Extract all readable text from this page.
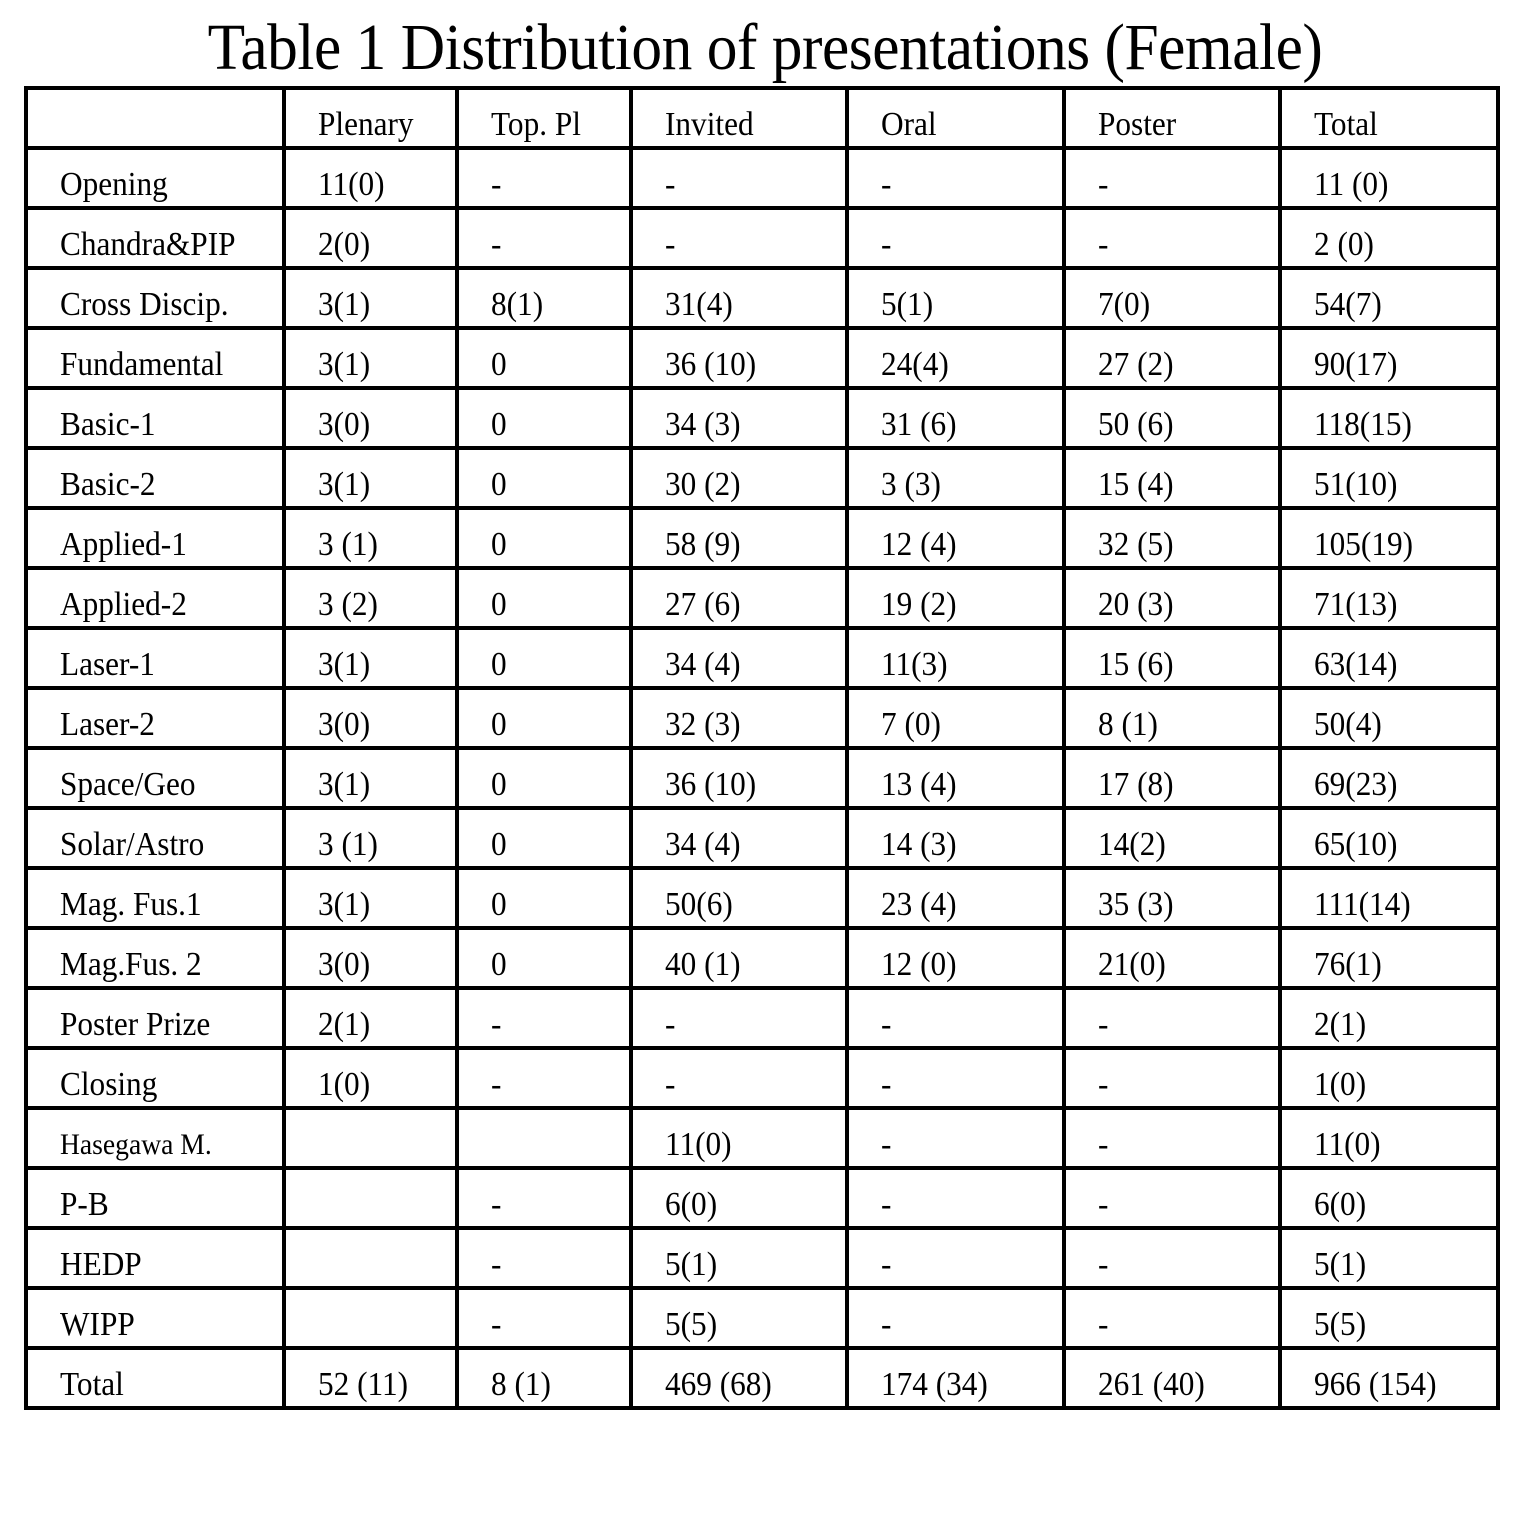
Table 1 Distribution of presentations (Female)
	Plenary	Top. Pl	Invited	Oral	Poster	Total
Opening	11(0)	-	-	-	-	11 (0)
Chandra&PIP	2(0)	-	-	-	-	2 (0)
Cross Discip.	3(1)	8(1)	31(4)	5(1)	7(0)	54(7)
Fundamental	3(1)	0	36 (10)	24(4)	27 (2)	90(17)
Basic-1	3(0)	0	34 (3)	31 (6)	50 (6)	118(15)
Basic-2	3(1)	0	30 (2)	3 (3)	15 (4)	51(10)
Applied-1	3 (1)	0	58 (9)	12 (4)	32 (5)	105(19)
Applied-2	3 (2)	0	27 (6)	19 (2)	20 (3)	71(13)
Laser-1	3(1)	0	34 (4)	11(3)	15 (6)	63(14)
Laser-2	3(0)	0	32 (3)	7 (0)	8 (1)	50(4)
Space/Geo	3(1)	0	36 (10)	13 (4)	17 (8)	69(23)
Solar/Astro	3 (1)	0	34 (4)	14 (3)	14(2)	65(10)
Mag. Fus.1	3(1)	0	50(6)	23 (4)	35 (3)	111(14)
Mag.Fus. 2	3(0)	0	40 (1)	12 (0)	21(0)	76(1)
Poster Prize	2(1)	-	-	-	-	2(1)
Closing	1(0)	-	-	-	-	1(0)
Hasegawa M.			11(0)	-	-	11(0)
P-B		-	6(0)	-	-	6(0)
HEDP		-	5(1)	-	-	5(1)
WIPP		-	5(5)	-	-	5(5)
Total	52 (11)	8 (1)	469 (68)	174 (34)	261 (40)	966 (154)
